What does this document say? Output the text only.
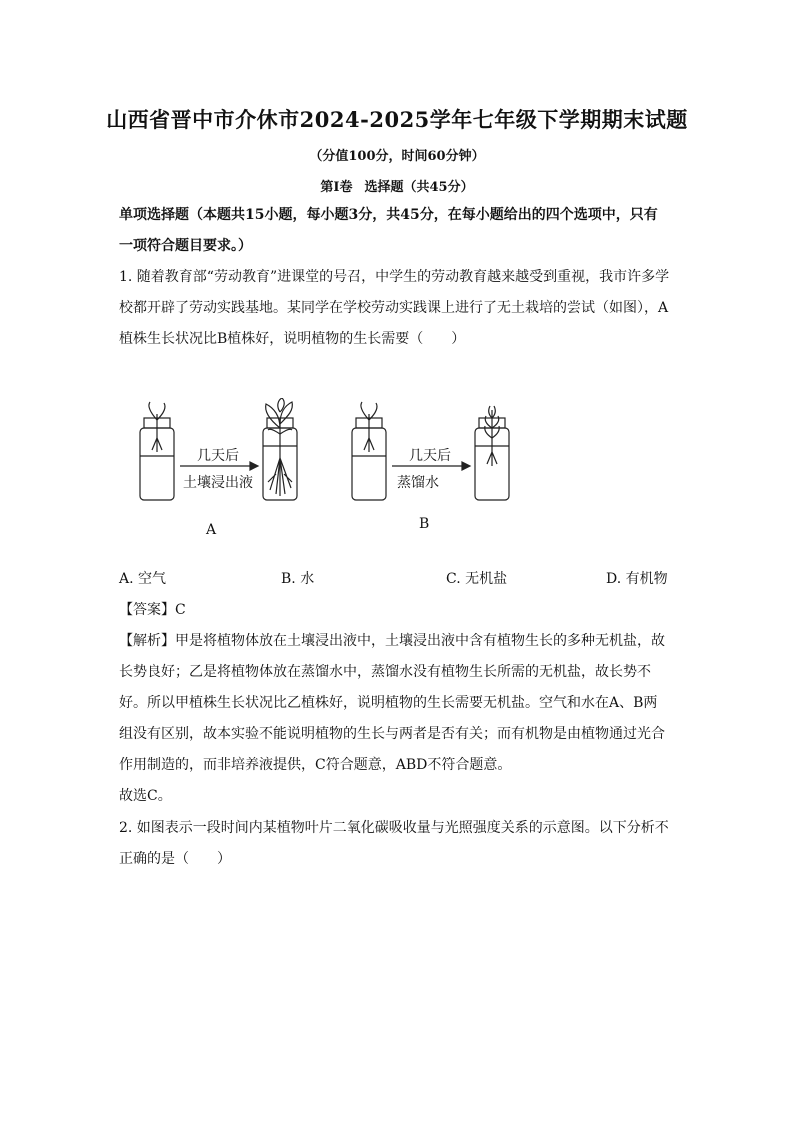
山西省晋中市介休市2024-2025学年七年级下学期期末试题
（分值100分，时间60分钟）
第Ⅰ卷 选择题（共45分）
单项选择题（本题共15小题，每小题3分，共45分，在每小题给出的四个选项中，只有一项符合题目要求。）
1. 随着教育部“劳动教育”进课堂的号召，中学生的劳动教育越来越受到重视，我市许多学校都开辟了劳动实践基地。某同学在学校劳动实践课上进行了无土栽培的尝试（如图），A植株生长状况比B植株好，说明植物的生长需要（　　）
几天后
土壤浸出液
几天后
蒸馏水
A	B
A. 空气	B. 水	C. 无机盐	D. 有机物
【答案】C
【解析】甲是将植物体放在土壤浸出液中，土壤浸出液中含有植物生长的多种无机盐，故长势良好；乙是将植物体放在蒸馏水中，蒸馏水没有植物生长所需的无机盐，故长势不好。所以甲植株生长状况比乙植株好，说明植物的生长需要无机盐。空气和水在A、B两组没有区别，故本实验不能说明植物的生长与两者是否有关；而有机物是由植物通过光合作用制造的，而非培养液提供，C符合题意，ABD不符合题意。
故选C。
2. 如图表示一段时间内某植物叶片二氧化碳吸收量与光照强度关系的示意图。以下分析不正确的是（　　）
